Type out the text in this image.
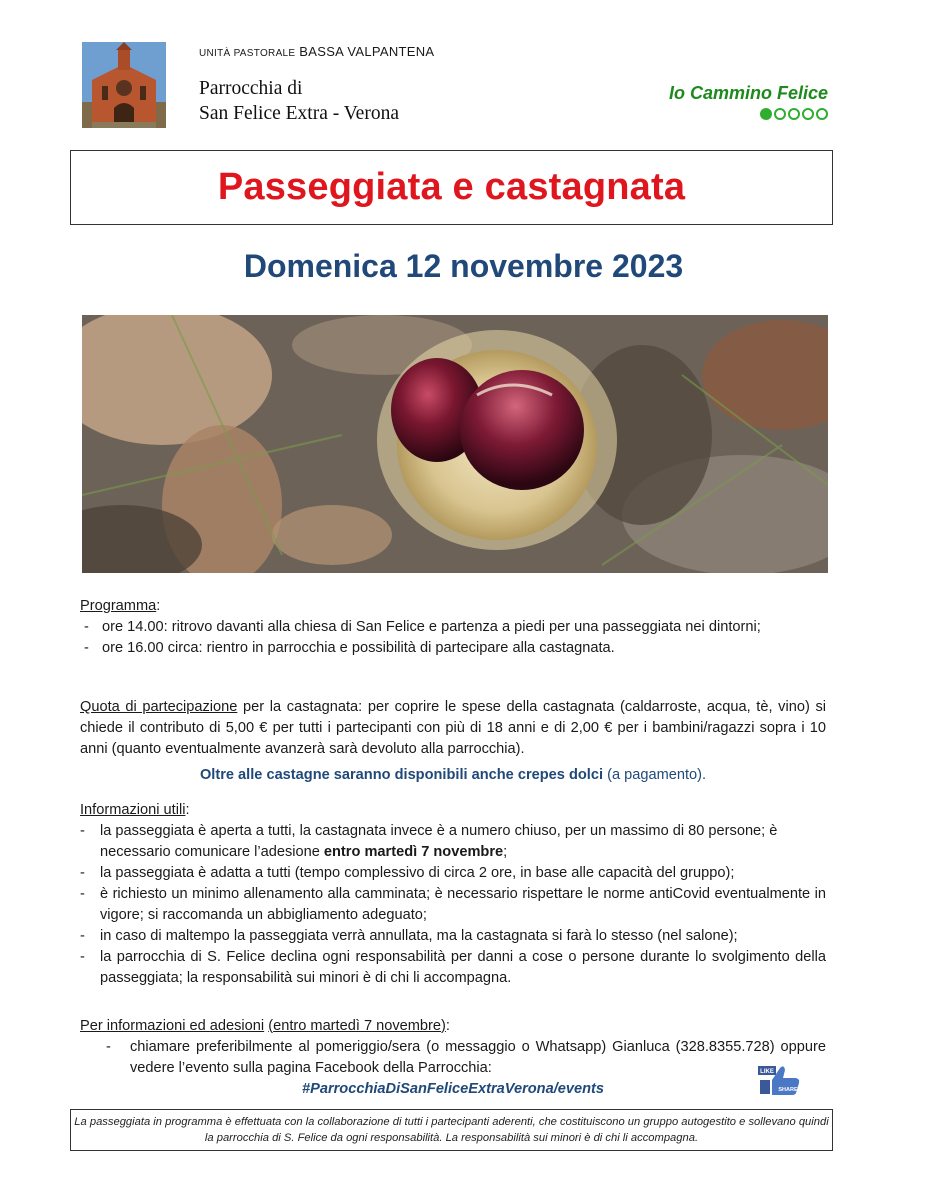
UNITÀ PASTORALE BASSA VALPANTENA
Parrocchia di
San Felice Extra - Verona
Io Cammino Felice
Passeggiata e castagnata
Domenica 12 novembre 2023
Programma:
- ore 14.00: ritrovo davanti alla chiesa di San Felice e partenza a piedi per una passeggiata nei dintorni;
- ore 16.00 circa: rientro in parrocchia e possibilità di partecipare alla castagnata.
Quota di partecipazione per la castagnata: per coprire le spese della castagnata (caldarroste, acqua, tè, vino) si chiede il contributo di 5,00 € per tutti i partecipanti con più di 18 anni e di 2,00 € per i bambini/ragazzi sopra i 10 anni (quanto eventualmente avanzerà sarà devoluto alla parrocchia).
Oltre alle castagne saranno disponibili anche crepes dolci (a pagamento).
Informazioni utili:
- la passeggiata è aperta a tutti, la castagnata invece è a numero chiuso, per un massimo di 80 persone; è necessario comunicare l’adesione entro martedì 7 novembre;
- la passeggiata è adatta a tutti (tempo complessivo di circa 2 ore, in base alle capacità del gruppo);
- è richiesto un minimo allenamento alla camminata; è necessario rispettare le norme antiCovid eventualmente in vigore; si raccomanda un abbigliamento adeguato;
- in caso di maltempo la passeggiata verrà annullata, ma la castagnata si farà lo stesso (nel salone);
- la parrocchia di S. Felice declina ogni responsabilità per danni a cose o persone durante lo svolgimento della passeggiata; la responsabilità sui minori è di chi li accompagna.
Per informazioni ed adesioni (entro martedì 7 novembre):
- chiamare preferibilmente al pomeriggio/sera (o messaggio o Whatsapp) Gianluca (328.8355.728) oppure vedere l’evento sulla pagina Facebook della Parrocchia:
#ParrocchiaDiSanFeliceExtraVerona/events
LIKE
SHARE
La passeggiata in programma è effettuata con la collaborazione di tutti i partecipanti aderenti, che costituiscono un gruppo autogestito e sollevano quindi la parrocchia di S. Felice da ogni responsabilità. La responsabilità sui minori è di chi li accompagna.
